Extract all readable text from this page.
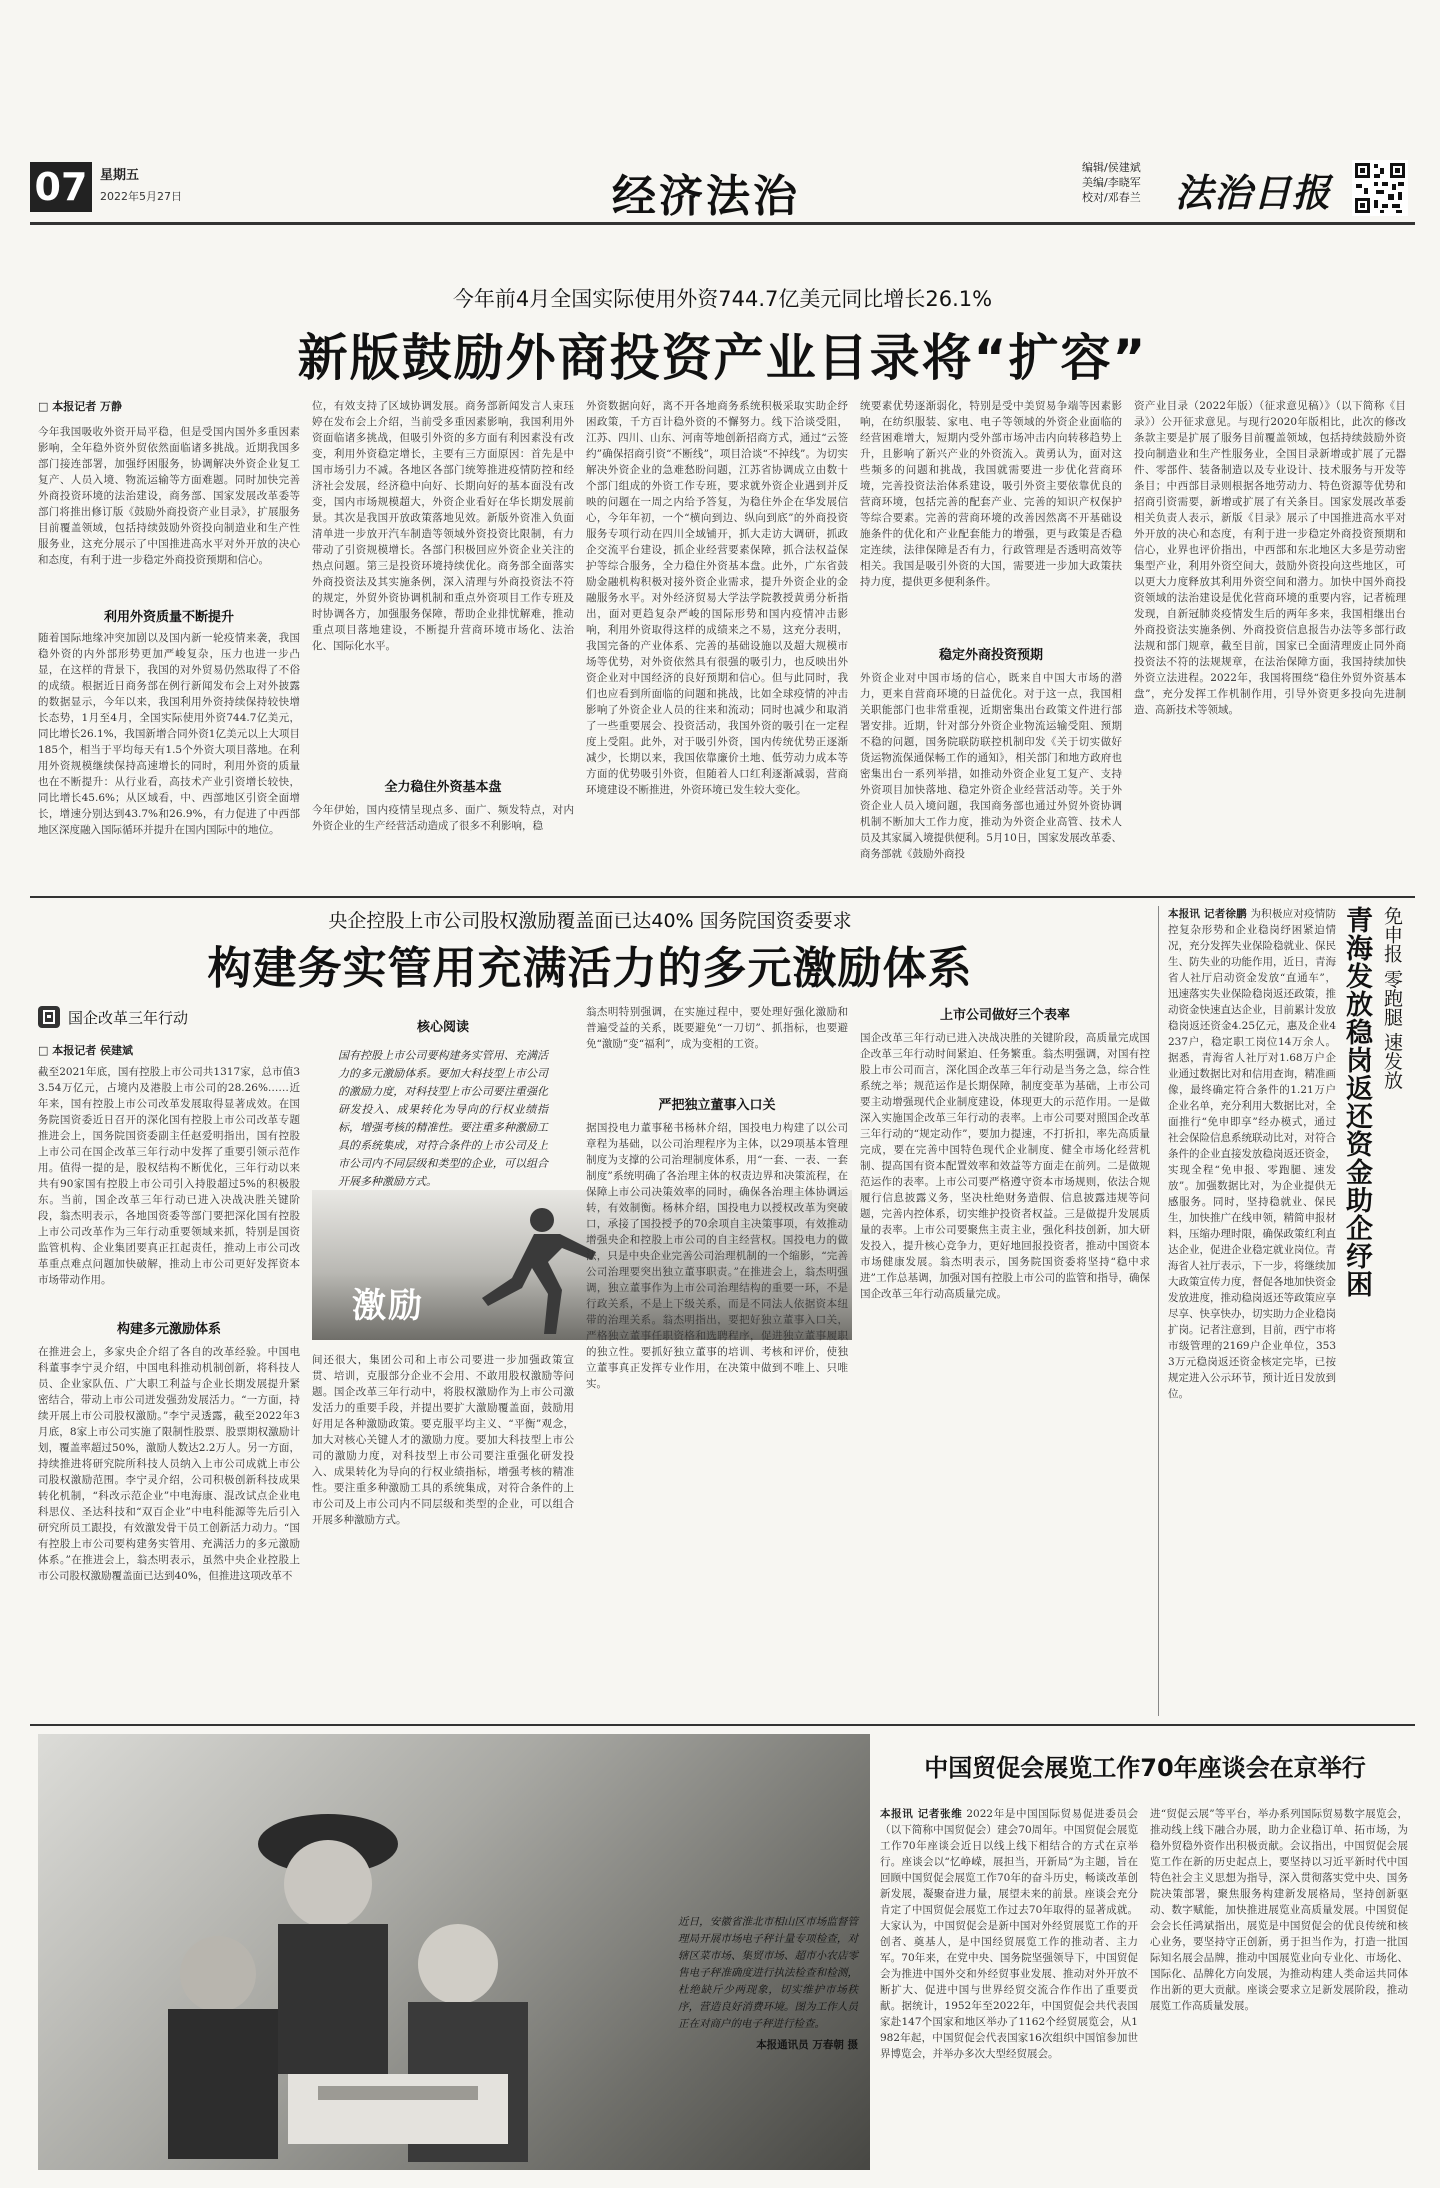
07 星期五
2022年5月27日	经济法治
编辑/侯建斌
美编/李晓军
校对/邓春兰 法治日报
今年前4月全国实际使用外资744.7亿美元同比增长26.1%
新版鼓励外商投资产业目录将“扩容”
□ 本报记者 万静
今年我国吸收外资开局平稳，但是受国内国外多重因素影响，全年稳外资外贸依然面临诸多挑战。近期我国多部门接连部署，加强纾困服务，协调解决外资企业复工复产、人员入境、物流运输等方面难题。同时加快完善外商投资环境的法治建设，商务部、国家发展改革委等部门将推出修订版《鼓励外商投资产业目录》，扩展服务目前覆盖领域，包括持续鼓励外资投向制造业和生产性服务业，这充分展示了中国推进高水平对外开放的决心和态度，有利于进一步稳定外商投资预期和信心。
利用外资质量不断提升
随着国际地缘冲突加剧以及国内新一轮疫情来袭，我国稳外资的内外部形势更加严峻复杂，压力也进一步凸显，在这样的背景下，我国的对外贸易仍然取得了不俗的成绩。根据近日商务部在例行新闻发布会上对外披露的数据显示，今年以来，我国利用外资持续保持较快增长态势，1月至4月，全国实际使用外资744.7亿美元，同比增长26.1%，我国新增合同外资1亿美元以上大项目185个，相当于平均每天有1.5个外资大项目落地。在利用外资规模继续保持高速增长的同时，利用外资的质量也在不断提升：从行业看，高技术产业引资增长较快，同比增长45.6%；从区域看，中、西部地区引资全面增长，增速分别达到43.7%和26.9%，有力促进了中西部地区深度融入国际循环并提升在国内国际中的地位。
位，有效支持了区域协调发展。商务部新闻发言人束珏婷在发布会上介绍，当前受多重因素影响，我国利用外资面临诸多挑战，但吸引外资的多方面有利因素没有改变，利用外资稳定增长，主要有三方面原因：首先是中国市场引力不减。各地区各部门统筹推进疫情防控和经济社会发展，经济稳中向好、长期向好的基本面没有改变，国内市场规模超大，外资企业看好在华长期发展前景。其次是我国开放政策落地见效。新版外资准入负面清单进一步放开汽车制造等领域外资投资比限制，有力带动了引资规模增长。各部门积极回应外资企业关注的热点问题。第三是投资环境持续优化。商务部全面落实外商投资法及其实施条例，深入清理与外商投资法不符的规定，外贸外资协调机制和重点外资项目工作专班及时协调各方，加强服务保障，帮助企业排忧解难，推动重点项目落地建设，不断提升营商环境市场化、法治化、国际化水平。
全力稳住外资基本盘
今年伊始，国内疫情呈现点多、面广、频发特点，对内外资企业的生产经营活动造成了很多不利影响，稳
外资数据向好，离不开各地商务系统积极采取实助企纾困政策，千方百计稳外资的不懈努力。线下洽谈受阻，江苏、四川、山东、河南等地创新招商方式，通过“云签约”确保招商引资“不断线”，项目洽谈“不掉线”。为切实解决外资企业的急难愁盼问题，江苏省协调成立由数十个部门组成的外资工作专班，要求就外资企业遇到并反映的问题在一周之内给予答复，为稳住外企在华发展信心，今年年初，一个“横向到边、纵向到底”的外商投资服务专项行动在四川全域铺开，抓大走访大调研，抓政企交流平台建设，抓企业经营要素保障，抓合法权益保护等综合服务，全力稳住外资基本盘。此外，广东省鼓励金融机构积极对接外资企业需求，提升外资企业的金融服务水平。对外经济贸易大学法学院教授黄勇分析指出，面对更趋复杂严峻的国际形势和国内疫情冲击影响，利用外资取得这样的成绩来之不易，这充分表明，我国完备的产业体系、完善的基础设施以及超大规模市场等优势，对外资依然具有很强的吸引力，也反映出外资企业对中国经济的良好预期和信心。但与此同时，我们也应看到所面临的问题和挑战，比如全球疫情的冲击影响了外资企业人员的往来和流动；同时也减少和取消了一些重要展会、投资活动，我国外资的吸引在一定程度上受阻。此外，对于吸引外资，国内传统优势正逐渐减少，长期以来，我国依靠廉价土地、低劳动力成本等方面的优势吸引外资，但随着人口红利逐渐减弱，营商环境建设不断推进，外资环境已发生较大变化。
统要素优势逐渐弱化，特别是受中美贸易争端等因素影响，在纺织服装、家电、电子等领域的外资企业面临的经营困难增大，短期内受外部市场冲击内向转移趋势上升，且影响了新兴产业的外资流入。黄勇认为，面对这些频多的问题和挑战，我国就需要进一步优化营商环境，完善投资法治体系建设，吸引外资主要依靠优良的营商环境，包括完善的配套产业、完善的知识产权保护等综合要素。完善的营商环境的改善因然离不开基础设施条件的优化和产业配套能力的增强，更与政策是否稳定连续，法律保障是否有力，行政管理是否透明高效等相关。我国是吸引外资的大国，需要进一步加大政策扶持力度，提供更多便利条件。
稳定外商投资预期
外资企业对中国市场的信心，既来自中国大市场的潜力，更来自营商环境的日益优化。对于这一点，我国相关职能部门也非常重视，近期密集出台政策文件进行部署安排。近期，针对部分外资企业物流运输受阻、预期不稳的问题，国务院联防联控机制印发《关于切实做好货运物流保通保畅工作的通知》，相关部门和地方政府也密集出台一系列举措，如推动外资企业复工复产、支持外资项目加快落地、稳定外资企业经营活动等。关于外资企业人员入境问题，我国商务部也通过外贸外资协调机制不断加大工作力度，推动为外资企业高管、技术人员及其家属入境提供便利。5月10日，国家发展改革委、商务部就《鼓励外商投
资产业目录（2022年版）（征求意见稿）》（以下简称《目录》）公开征求意见。与现行2020年版相比，此次的修改条款主要是扩展了服务目前覆盖领域，包括持续鼓励外资投向制造业和生产性服务业，全国目录新增或扩展了元器件、零部件、装备制造以及专业设计、技术服务与开发等条目；中西部目录则根据各地劳动力、特色资源等优势和招商引资需要，新增或扩展了有关条目。国家发展改革委相关负责人表示，新版《目录》展示了中国推进高水平对外开放的决心和态度，有利于进一步稳定外商投资预期和信心，业界也评价指出，中西部和东北地区大多是劳动密集型产业，利用外资空间大，鼓励外资投向这些地区，可以更大力度释放其利用外资空间和潜力。加快中国外商投资领域的法治建设是优化营商环境的重要内容，记者梳理发现，自新冠肺炎疫情发生后的两年多来，我国相继出台外商投资法实施条例、外商投资信息报告办法等多部行政法规和部门规章，截至目前，国家已全面清理废止同外商投资法不符的法规规章，在法治保障方面，我国持续加快外资立法进程。2022年，我国将围绕“稳住外贸外资基本盘”，充分发挥工作机制作用，引导外资更多投向先进制造、高新技术等领域。
央企控股上市公司股权激励覆盖面已达40% 国务院国资委要求
构建务实管用充满活力的多元激励体系
国企改革三年行动
□ 本报记者 侯建斌
截至2021年底，国有控股上市公司共1317家，总市值33.54万亿元，占境内及港股上市公司的28.26%……近年来，国有控股上市公司改革发展取得显著成效。在国务院国资委近日召开的深化国有控股上市公司改革专题推进会上，国务院国资委副主任赵爱明指出，国有控股上市公司在国企改革三年行动中发挥了重要引领示范作用。值得一提的是，股权结构不断优化，三年行动以来共有90家国有控股上市公司引入持股超过5%的积极股东。当前，国企改革三年行动已进入决战决胜关键阶段，翁杰明表示，各地国资委等部门要把深化国有控股上市公司改革作为三年行动重要领域来抓，特别是国资监管机构、企业集团要真正扛起责任，推动上市公司改革重点难点问题加快破解，推动上市公司更好发挥资本市场带动作用。
构建多元激励体系
在推进会上，多家央企介绍了各自的改革经验。中国电科董事李宁灵介绍，中国电科推动机制创新，将科技人员、企业家队伍、广大职工利益与企业长期发展提升紧密结合，带动上市公司迸发强劲发展活力。“一方面，持续开展上市公司股权激励。”李宁灵透露，截至2022年3月底，8家上市公司实施了限制性股票、股票期权激励计划，覆盖率超过50%，激励人数达2.2万人。另一方面，持续推进将研究院所科技人员纳入上市公司成就上市公司股权激励范围。李宁灵介绍，公司积极创新科技成果转化机制，“科改示范企业”中电海康、混改试点企业电科思仪、圣达科技和“双百企业”中电科能源等先后引入研究所员工跟投，有效激发骨干员工创新活力动力。“国有控股上市公司要构建务实管用、充满活力的多元激励体系。”在推进会上，翁杰明表示，虽然中央企业控股上市公司股权激励覆盖面已达到40%，但推进这项改革不
核心阅读
国有控股上市公司要构建务实管用、充满活力的多元激励体系。要加大科技型上市公司的激励力度，对科技型上市公司要注重强化研发投入、成果转化为导向的行权业绩指标，增强考核的精准性。要注重多种激励工具的系统集成，对符合条件的上市公司及上市公司内不同层级和类型的企业，可以组合开展多种激励方式。
激励
间还很大，集团公司和上市公司要进一步加强政策宣贯、培训，克服部分企业不会用、不敢用股权激励等问题。国企改革三年行动中，将股权激励作为上市公司激发活力的重要手段，并提出要扩大激励覆盖面，鼓励用好用足各种激励政策。要克服平均主义、“平衡”观念，加大对核心关键人才的激励力度。要加大科技型上市公司的激励力度，对科技型上市公司要注重强化研发投入、成果转化为导向的行权业绩指标，增强考核的精准性。要注重多种激励工具的系统集成，对符合条件的上市公司及上市公司内不同层级和类型的企业，可以组合开展多种激励方式。
翁杰明特别强调，在实施过程中，要处理好强化激励和普遍受益的关系，既要避免“一刀切”、抓指标，也要避免“激励”变“福利”，成为变相的工资。
严把独立董事入口关
据国投电力董事秘书杨林介绍，国投电力构建了以公司章程为基础，以公司治理程序为主体，以29项基本管理制度为支撑的公司治理制度体系，用“一套、一表、一套制度”系统明确了各治理主体的权责边界和决策流程，在保障上市公司决策效率的同时，确保各治理主体协调运转，有效制衡。杨林介绍，国投电力以授权改革为突破口，承接了国投授予的70余项自主决策事项，有效推动增强央企和控股上市公司的自主经营权。国投电力的做法，只是中央企业完善公司治理机制的一个缩影，“完善公司治理要突出独立董事职责。”在推进会上，翁杰明强调，独立董事作为上市公司治理结构的重要一环，不是行政关系，不是上下级关系，而是不同法人依据资本纽带的治理关系。翁杰明指出，要把好独立董事入口关，严格独立董事任职资格和选聘程序，促进独立董事履职的独立性。要抓好独立董事的培训、考核和评价，使独立董事真正发挥专业作用，在决策中做到不唯上、只唯实。
上市公司做好三个表率
国企改革三年行动已进入决战决胜的关键阶段，高质量完成国企改革三年行动时间紧迫、任务繁重。翁杰明强调，对国有控股上市公司而言，深化国企改革三年行动是当务之急，综合性系统之举；规范运作是长期保障，制度变革为基础，上市公司要主动增强现代企业制度建设，体现更大的示范作用。一是做深入实施国企改革三年行动的表率。上市公司要对照国企改革三年行动的“规定动作”，要加力提速，不打折扣，率先高质量完成，要在完善中国特色现代企业制度、健全市场化经营机制、提高国有资本配置效率和效益等方面走在前列。二是做规范运作的表率。上市公司要严格遵守资本市场规则，依法合规履行信息披露义务，坚决杜绝财务造假、信息披露违规等问题，完善内控体系，切实维护投资者权益。三是做提升发展质量的表率。上市公司要聚焦主责主业，强化科技创新，加大研发投入，提升核心竞争力，更好地回报投资者，推动中国资本市场健康发展。翁杰明表示，国务院国资委将坚持“稳中求进”工作总基调，加强对国有控股上市公司的监管和指导，确保国企改革三年行动高质量完成。
本报讯 记者徐鹏 为积极应对疫情防控复杂形势和企业稳岗纾困紧迫情况，充分发挥失业保险稳就业、保民生、防失业的功能作用，近日，青海省人社厅启动资金发放“直通车”，迅速落实失业保险稳岗返还政策，推动资金快速直达企业，目前累计发放稳岗返还资金4.25亿元，惠及企业4237户，稳定职工岗位14万余人。据悉，青海省人社厅对1.68万户企业通过数据比对和信用查询，精准画像，最终确定符合条件的1.21万户企业名单，充分利用大数据比对，全面推行“免申即享”经办模式，通过社会保险信息系统联动比对，对符合条件的企业直接发放稳岗返还资金，实现全程“免申报、零跑腿、速发放”。加强数据比对，为企业提供无感服务。同时，坚持稳就业、保民生，加快推广在线申领，精简申报材料，压缩办理时限，确保政策红利直达企业，促进企业稳定就业岗位。青海省人社厅表示，下一步，将继续加大政策宣传力度，督促各地加快资金发放进度，推动稳岗返还等政策应享尽享、快享快办，切实助力企业稳岗扩岗。记者注意到，目前，西宁市将市级管理的2169户企业单位，3533万元稳岗返还资金核定完毕，已按规定进入公示环节，预计近日发放到位。
免申报 零跑腿 速发放
青海发放稳岗返还资金助企纾困
近日，安徽省淮北市相山区市场监督管理局开展市场电子秤计量专项检查，对辖区菜市场、集贸市场、超市小农店零售电子秤准确度进行执法检查和检测，杜绝缺斤少两现象，切实维护市场秩序，营造良好消费环境。图为工作人员正在对商户的电子秤进行检查。
本报通讯员 万春朝 摄
中国贸促会展览工作70年座谈会在京举行
本报讯 记者张维 2022年是中国国际贸易促进委员会（以下简称中国贸促会）建会70周年。中国贸促会展览工作70年座谈会近日以线上线下相结合的方式在京举行。座谈会以“忆峥嵘，展担当，开新局”为主题，旨在回顾中国贸促会展览工作70年的奋斗历史，畅谈改革创新发展，凝聚奋进力量，展望未来的前景。座谈会充分肯定了中国贸促会展览工作过去70年取得的显著成就。大家认为，中国贸促会是新中国对外经贸展览工作的开创者、奠基人，是中国经贸展览工作的推动者、主力军。70年来，在党中央、国务院坚强领导下，中国贸促会为推进中国外交和外经贸事业发展、推动对外开放不断扩大、促进中国与世界经贸交流合作作出了重要贡献。据统计，1952年至2022年，中国贸促会共代表国家赴147个国家和地区举办了1162个经贸展览会，从1982年起，中国贸促会代表国家16次组织中国馆参加世界博览会，并举办多次大型经贸展会。
进“贸促云展”等平台，举办系列国际贸易数字展览会，推动线上线下融合办展，助力企业稳订单、拓市场，为稳外贸稳外资作出积极贡献。会议指出，中国贸促会展览工作在新的历史起点上，要坚持以习近平新时代中国特色社会主义思想为指导，深入贯彻落实党中央、国务院决策部署，聚焦服务构建新发展格局，坚持创新驱动、数字赋能，加快推进展览业高质量发展。中国贸促会会长任鸿斌指出，展览是中国贸促会的优良传统和核心业务，要坚持守正创新，勇于担当作为，打造一批国际知名展会品牌，推动中国展览业向专业化、市场化、国际化、品牌化方向发展，为推动构建人类命运共同体作出新的更大贡献。座谈会要求立足新发展阶段，推动展览工作高质量发展。
